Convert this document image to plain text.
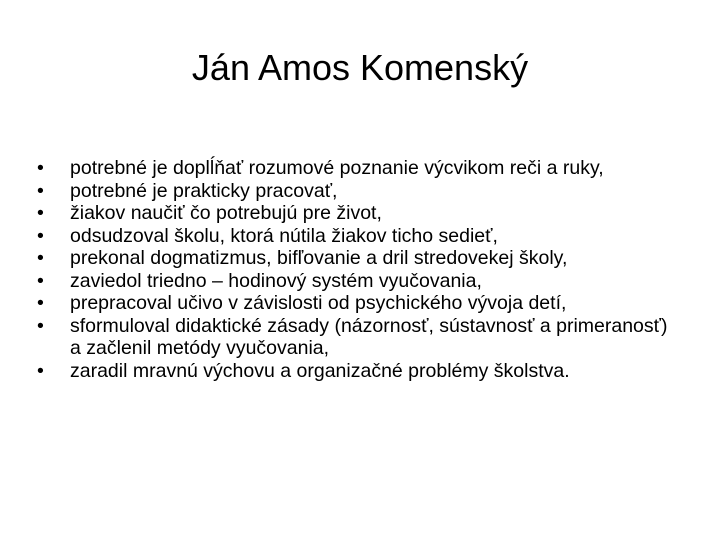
Ján Amos Komenský
•	potrebné je doplĺňať rozumové poznanie výcvikom reči a ruky,
•	potrebné je prakticky pracovať,
•	žiakov naučiť čo potrebujú pre život,
•	odsudzoval školu, ktorá nútila žiakov ticho sedieť,
•	prekonal dogmatizmus, bifľovanie a dril stredovekej školy,
•	zaviedol triedno – hodinový systém vyučovania,
•	prepracoval učivo v závislosti od psychického vývoja detí,
•	sformuloval didaktické zásady (názornosť, sústavnosť a primeranosť) a začlenil metódy vyučovania,
•	zaradil mravnú výchovu a organizačné problémy školstva.
